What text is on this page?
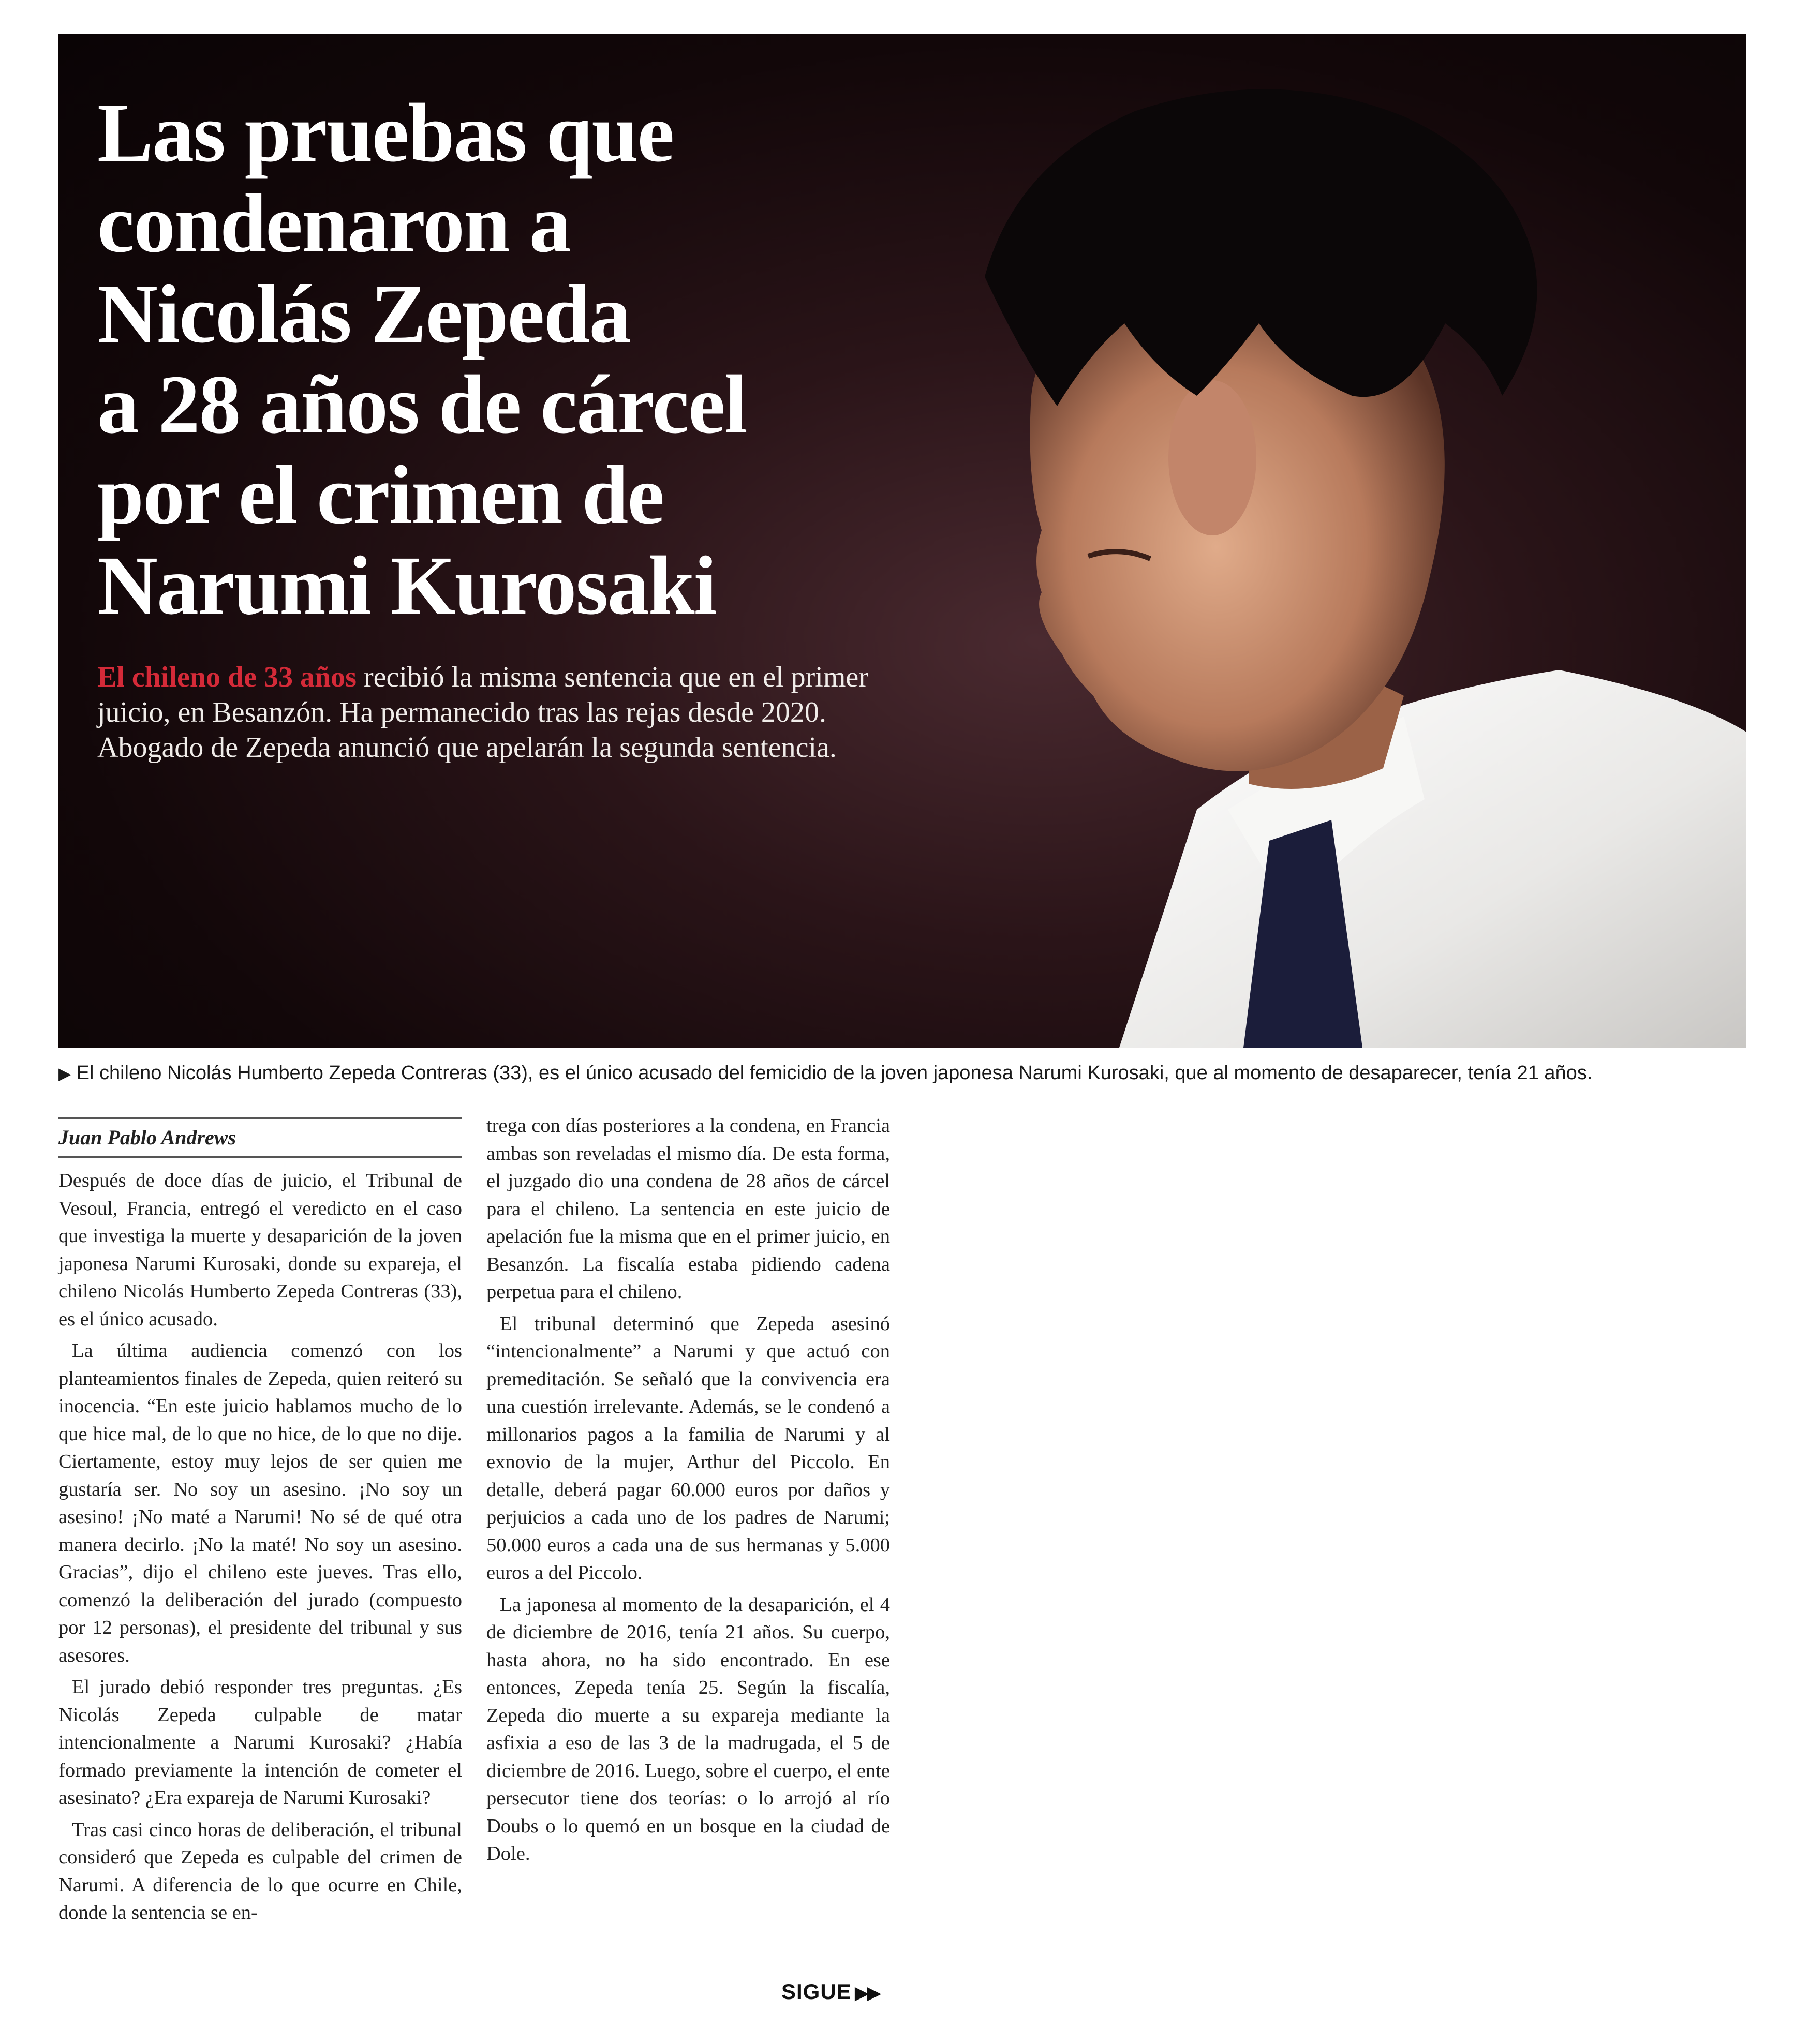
Las pruebas que
condenaron a
Nicolás Zepeda
a 28 años de cárcel
por el crimen de
Narumi Kurosaki

El chileno de 33 años recibió la misma sentencia que en el primer juicio, en Besanzón. Ha permanecido tras las rejas desde 2020. Abogado de Zepeda anunció que apelarán la segunda sentencia.

▶ El chileno Nicolás Humberto Zepeda Contreras (33), es el único acusado del femicidio de la joven japonesa Narumi Kurosaki, que al momento de desaparecer, tenía 21 años.

Juan Pablo Andrews

Después de doce días de juicio, el Tribunal de Vesoul, Francia, entregó el veredicto en el caso que investiga la muerte y desaparición de la joven japonesa Narumi Kurosaki, donde su expareja, el chileno Nicolás Humberto Zepeda Contreras (33), es el único acusado.

La última audiencia comenzó con los planteamientos finales de Zepeda, quien reiteró su inocencia. “En este juicio hablamos mucho de lo que hice mal, de lo que no hice, de lo que no dije. Ciertamente, estoy muy lejos de ser quien me gustaría ser. No soy un asesino. ¡No soy un asesino! ¡No maté a Narumi! No sé de qué otra manera decirlo. ¡No la maté! No soy un asesino. Gracias”, dijo el chileno este jueves. Tras ello, comenzó la deliberación del jurado (compuesto por 12 personas), el presidente del tribunal y sus asesores.

El jurado debió responder tres preguntas. ¿Es Nicolás Zepeda culpable de matar intencionalmente a Narumi Kurosaki? ¿Había formado previamente la intención de cometer el asesinato? ¿Era expareja de Narumi Kurosaki?

Tras casi cinco horas de deliberación, el tribunal consideró que Zepeda es culpable del crimen de Narumi. A diferencia de lo que ocurre en Chile, donde la sentencia se en-

trega con días posteriores a la condena, en Francia ambas son reveladas el mismo día. De esta forma, el juzgado dio una condena de 28 años de cárcel para el chileno. La sentencia en este juicio de apelación fue la misma que en el primer juicio, en Besanzón. La fiscalía estaba pidiendo cadena perpetua para el chileno.

El tribunal determinó que Zepeda asesinó “intencionalmente” a Narumi y que actuó con premeditación. Se señaló que la convivencia era una cuestión irrelevante. Además, se le condenó a millonarios pagos a la familia de Narumi y al exnovio de la mujer, Arthur del Piccolo. En detalle, deberá pagar 60.000 euros por daños y perjuicios a cada uno de los padres de Narumi; 50.000 euros a cada una de sus hermanas y 5.000 euros a del Piccolo.

La japonesa al momento de la desaparición, el 4 de diciembre de 2016, tenía 21 años. Su cuerpo, hasta ahora, no ha sido encontrado. En ese entonces, Zepeda tenía 25. Según la fiscalía, Zepeda dio muerte a su expareja mediante la asfixia a eso de las 3 de la madrugada, el 5 de diciembre de 2016. Luego, sobre el cuerpo, el ente persecutor tiene dos teorías: o lo arrojó al río Doubs o lo quemó en un bosque en la ciudad de Dole.

SIGUE ▶▶
